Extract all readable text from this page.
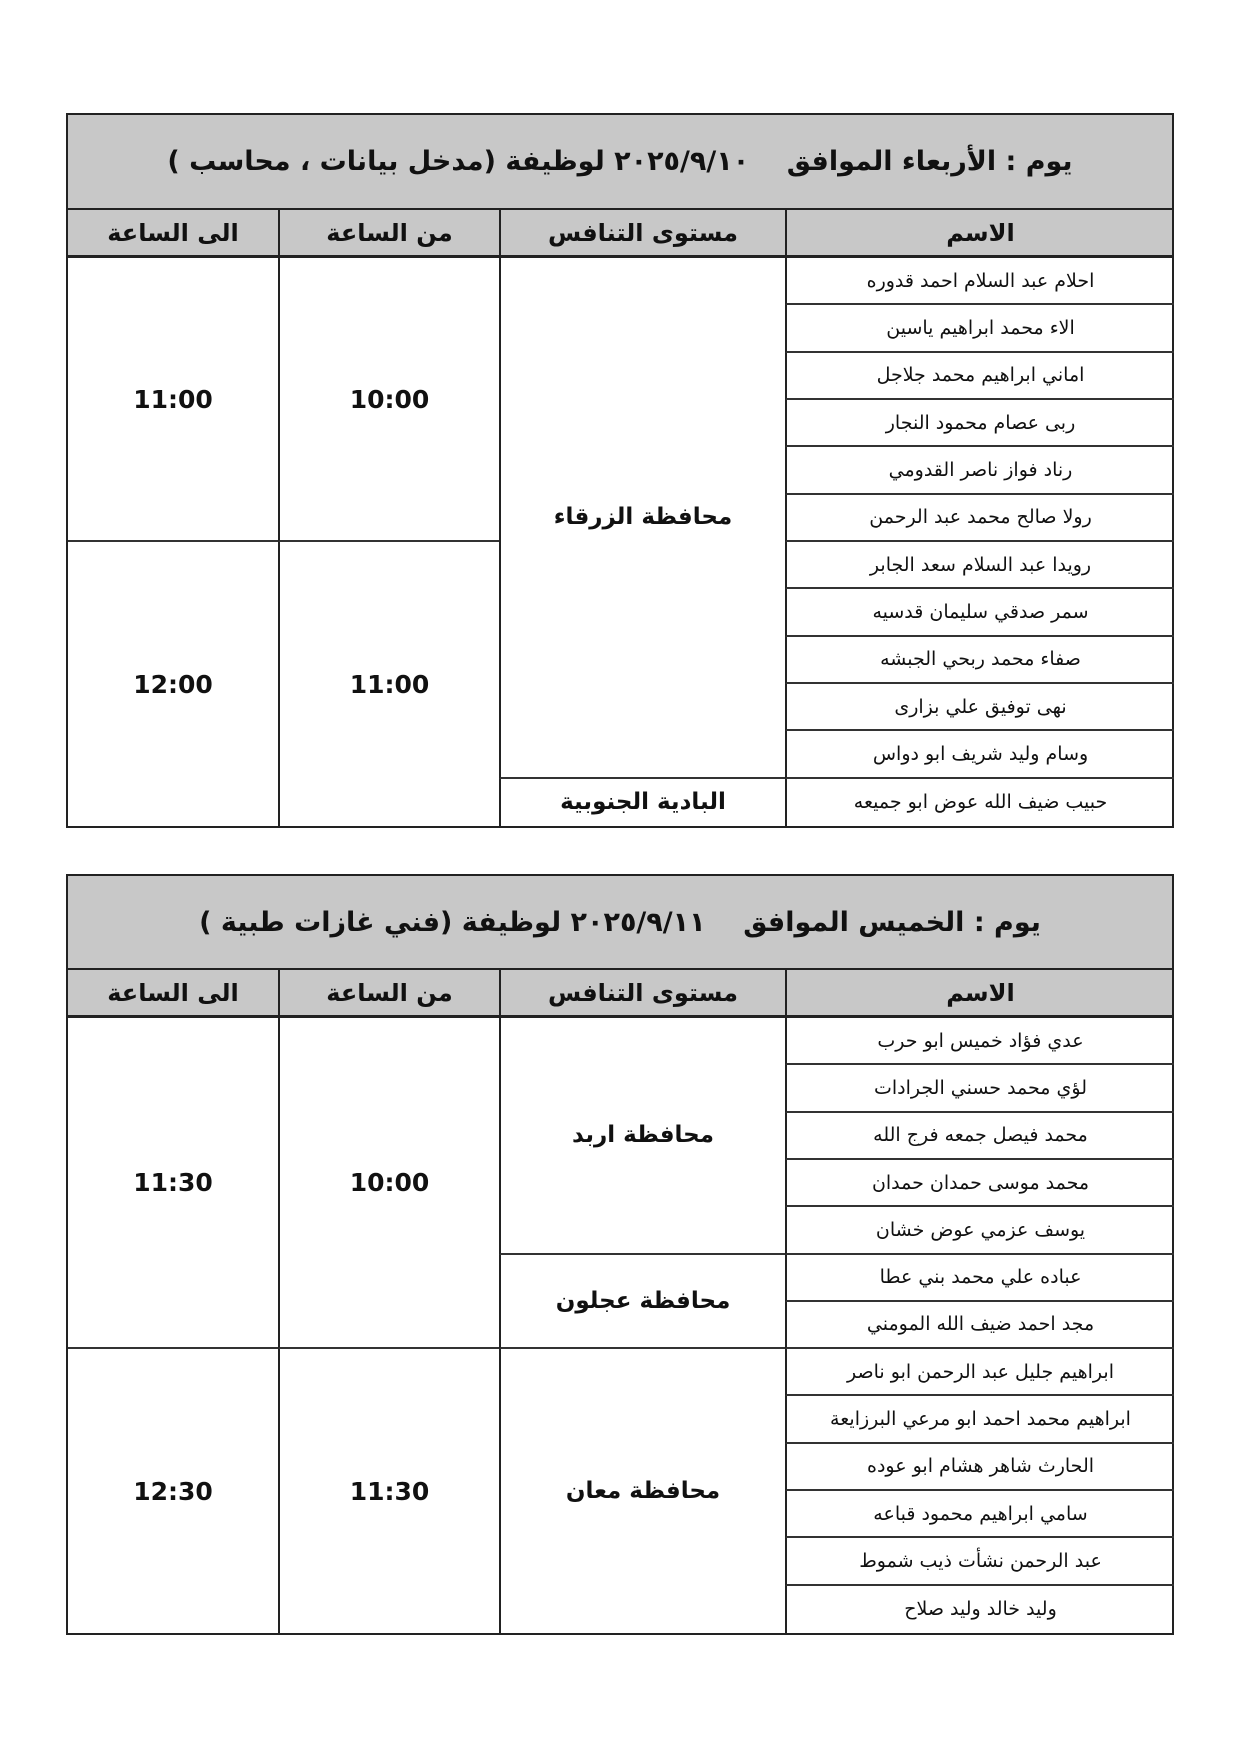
يوم : الأربعاء الموافق    ٢٠٢٥/٩/١٠ لوظيفة (مدخل بيانات ، محاسب )
الاسم
مستوى التنافس
من الساعة
الى الساعة
احلام عبد السلام احمد قدوره
الاء محمد ابراهيم ياسين
اماني ابراهيم محمد جلاجل
ربى عصام محمود النجار
رناد فواز ناصر القدومي
رولا صالح محمد عبد الرحمن
رويدا عبد السلام سعد الجابر
سمر صدقي سليمان قدسيه
صفاء محمد ربحي الجبشه
نهى توفيق علي بزارى
وسام وليد شريف ابو دواس
حبيب ضيف الله عوض ابو جميعه
محافظة الزرقاء
البادية الجنوبية
10:00
11:00
11:00
12:00
يوم : الخميس الموافق    ٢٠٢٥/٩/١١ لوظيفة (فني غازات طبية )
الاسم
مستوى التنافس
من الساعة
الى الساعة
عدي فؤاد خميس ابو حرب
لؤي محمد حسني الجرادات
محمد فيصل جمعه فرج الله
محمد موسى حمدان حمدان
يوسف عزمي عوض خشان
عباده علي محمد بني عطا
مجد احمد ضيف الله المومني
ابراهيم جليل عبد الرحمن ابو ناصر
ابراهيم محمد احمد ابو مرعي البرزايعة
الحارث شاهر هشام ابو عوده
سامي ابراهيم محمود قباعه
عبد الرحمن نشأت ذيب شموط
وليد خالد وليد صلاح
محافظة اربد
محافظة عجلون
محافظة معان
10:00
11:30
11:30
12:30
